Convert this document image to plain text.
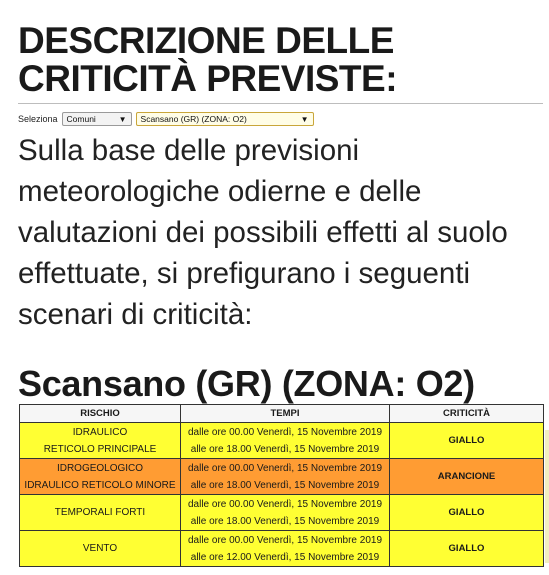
DESCRIZIONE DELLE
CRITICITÀ PREVISTE:
Seleziona Comuni	▼ Scansano (GR) (ZONA: O2)	▼

Sulla base delle previsioni
meteorologiche odierne e delle
valutazioni dei possibili effetti al suolo
effettuate, si prefigurano i seguenti
scenari di criticità:

Scansano (GR) (ZONA: O2)
RISCHIO	TEMPI	CRITICITÀ

IDRAULICO
RETICOLO PRINCIPALE	dalle ore 00.00 Venerdì, 15 Novembre 2019
alle ore 18.00 Venerdì, 15 Novembre 2019	GIALLO

IDROGEOLOGICO
IDRAULICO RETICOLO MINORE	dalle ore 00.00 Venerdì, 15 Novembre 2019
alle ore 18.00 Venerdì, 15 Novembre 2019	ARANCIONE

TEMPORALI FORTI	dalle ore 00.00 Venerdì, 15 Novembre 2019
alle ore 18.00 Venerdì, 15 Novembre 2019	GIALLO

VENTO	dalle ore 00.00 Venerdì, 15 Novembre 2019
alle ore 12.00 Venerdì, 15 Novembre 2019	GIALLO
